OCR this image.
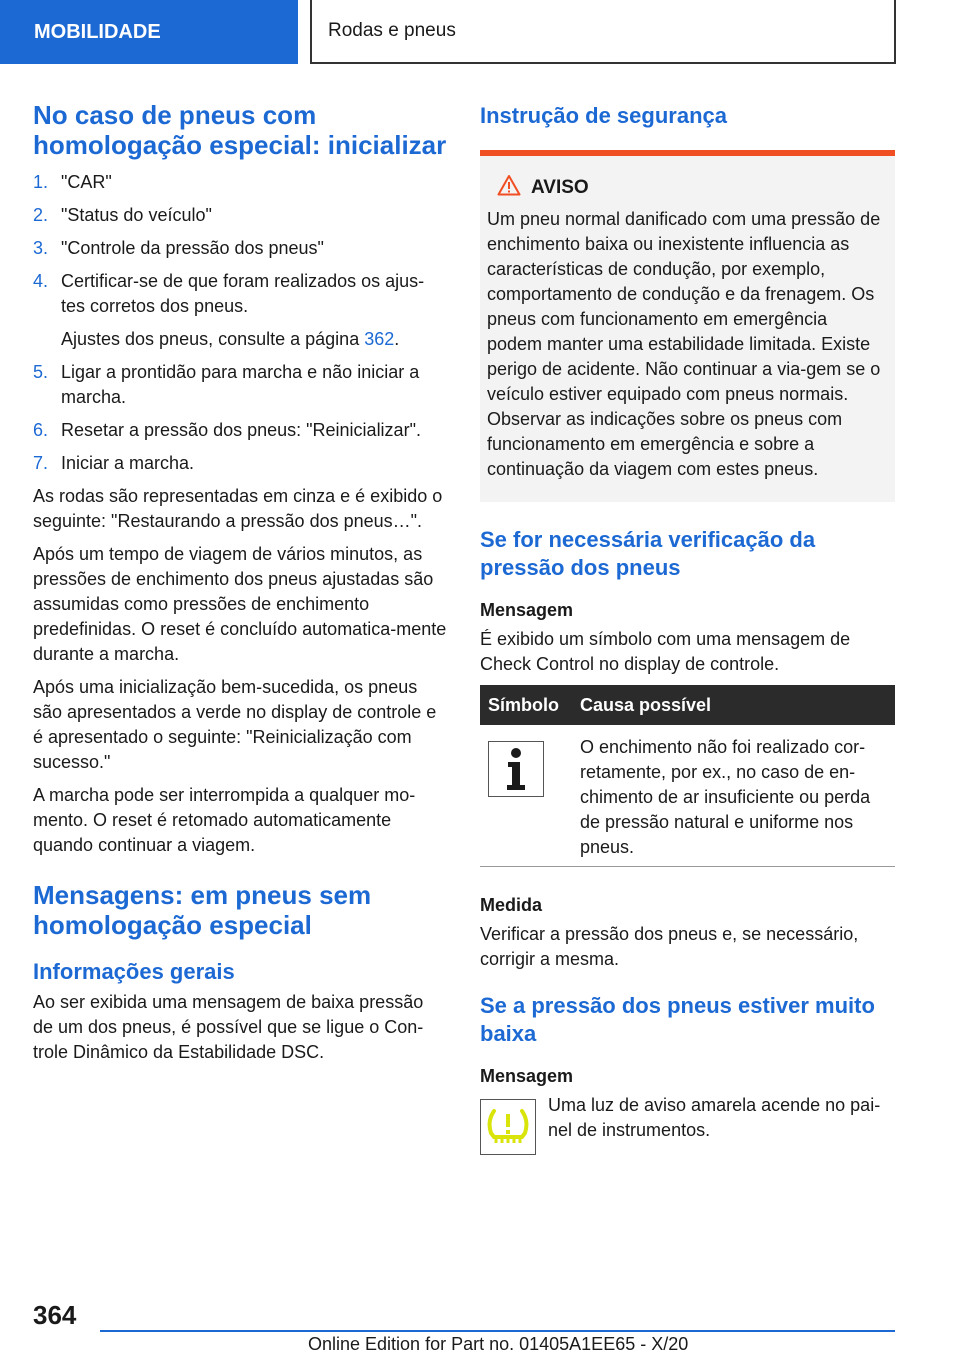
MOBILIDADE	Rodas e pneus
No caso de pneus com homologação especial: inicializar
1. "CAR"
2. "Status do veículo"
3. "Controle da pressão dos pneus"
4. Certificar-se de que foram realizados os ajus-tes corretos dos pneus.
Ajustes dos pneus, consulte a página 362.
5. Ligar a prontidão para marcha e não iniciar a marcha.
6. Resetar a pressão dos pneus: "Reinicializar".
7. Iniciar a marcha.

As rodas são representadas em cinza e é exibido o seguinte: "Restaurando a pressão dos pneus…".

Após um tempo de viagem de vários minutos, as pressões de enchimento dos pneus ajustadas são assumidas como pressões de enchimento predefinidas. O reset é concluído automatica-mente durante a marcha.

Após uma inicialização bem-sucedida, os pneus são apresentados a verde no display de controle e é apresentado o seguinte: "Reinicialização com sucesso."

A marcha pode ser interrompida a qualquer mo-mento. O reset é retomado automaticamente quando continuar a viagem.

Mensagens: em pneus sem homologação especial
Informações gerais

Ao ser exibida uma mensagem de baixa pressão de um dos pneus, é possível que se ligue o Con-trole Dinâmico da Estabilidade DSC.

Instrução de segurança
AVISO

Um pneu normal danificado com uma pressão de enchimento baixa ou inexistente influencia as características de condução, por exemplo, comportamento de condução e da frenagem. Os pneus com funcionamento em emergência podem manter uma estabilidade limitada. Existe perigo de acidente. Não continuar a via-gem se o veículo estiver equipado com pneus normais. Observar as indicações sobre os pneus com funcionamento em emergência e sobre a continuação da viagem com estes pneus.

Se for necessária verificação da pressão dos pneus

Mensagem

É exibido um símbolo com uma mensagem de Check Control no display de controle.

Símbolo	Causa possível

	O enchimento não foi realizado cor-retamente, por ex., no caso de en-chimento de ar insuficiente ou perda de pressão natural e uniforme nos pneus.

Medida

Verificar a pressão dos pneus e, se necessário, corrigir a mesma.

Se a pressão dos pneus estiver muito baixa

Mensagem

Uma luz de aviso amarela acende no pai-nel de instrumentos.

364
Online Edition for Part no. 01405A1EE65 - X/20
